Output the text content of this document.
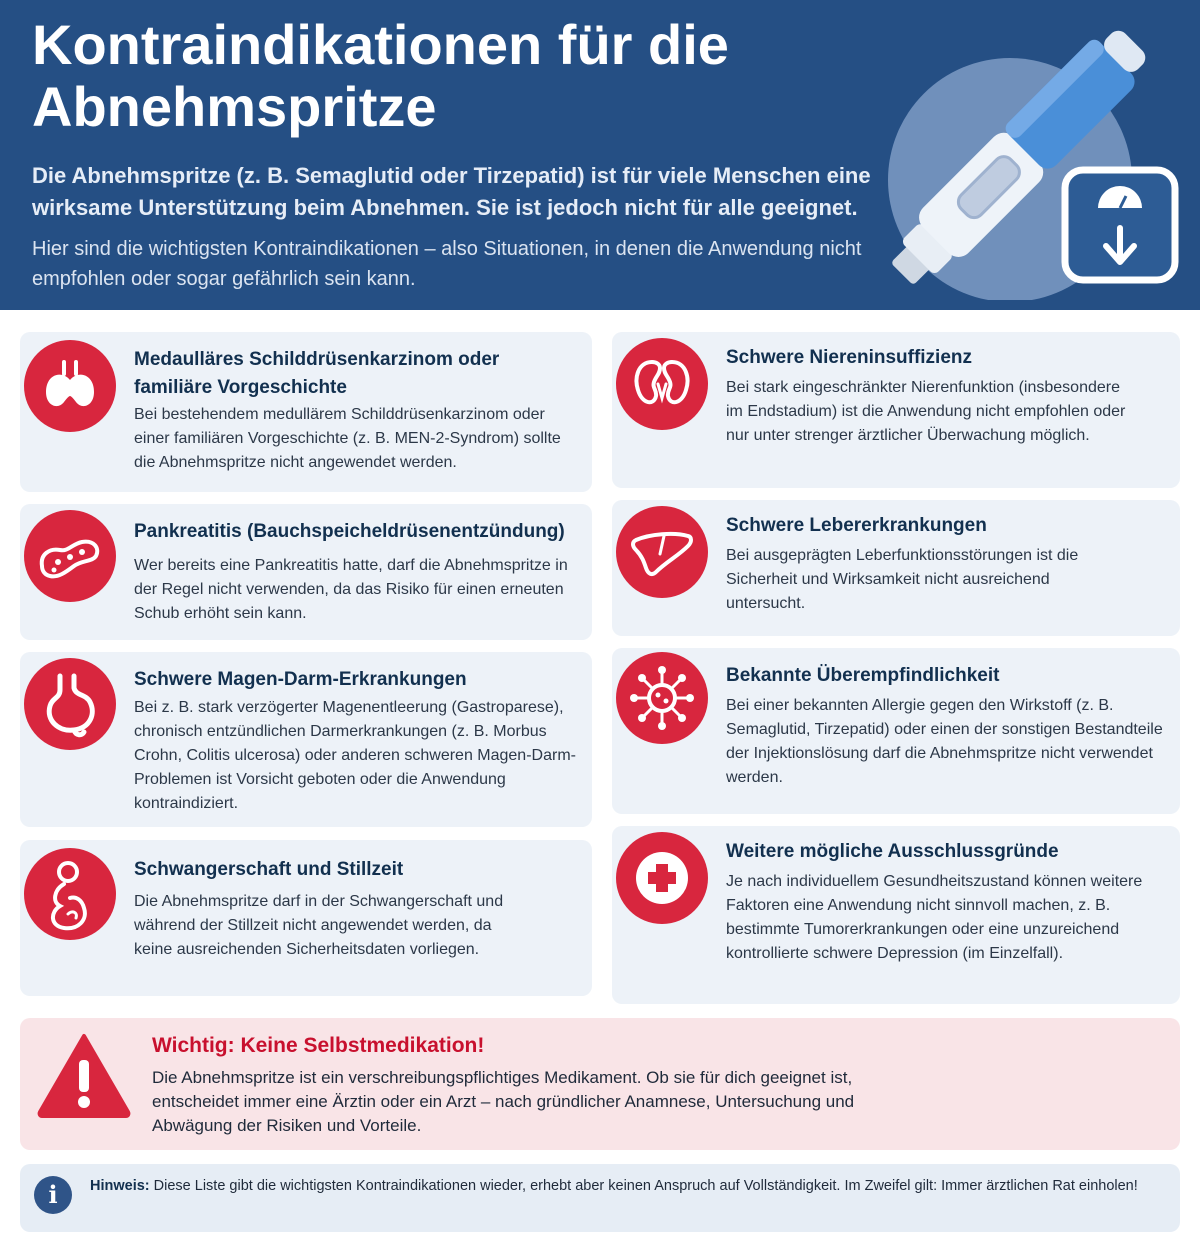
Kontraindikationen für die Abnehmspritze
Die Abnehmspritze (z. B. Semaglutid oder Tirzepatid) ist für viele Menschen eine wirksame Unterstützung beim Abnehmen. Sie ist jedoch nicht für alle geeignet.
Hier sind die wichtigsten Kontraindikationen – also Situationen, in denen die Anwendung nicht empfohlen oder sogar gefährlich sein kann.
Medaulläres Schilddrüsenkarzinom oder familiäre Vorgeschichte
Bei bestehendem medullärem Schilddrüsenkarzinom oder einer familiären Vorgeschichte (z. B. MEN-2-Syndrom) sollte die Abnehmspritze nicht angewendet werden.
Pankreatitis (Bauchspeicheldrüsenentzündung)
Wer bereits eine Pankreatitis hatte, darf die Abnehmspritze in der Regel nicht verwenden, da das Risiko für einen erneuten Schub erhöht sein kann.
Schwere Magen-Darm-Erkrankungen
Bei z. B. stark verzögerter Magenentleerung (Gastroparese), chronisch entzündlichen Darmerkrankungen (z. B. Morbus Crohn, Colitis ulcerosa) oder anderen schweren Magen-Darm-Problemen ist Vorsicht geboten oder die Anwendung kontraindiziert.
Schwangerschaft und Stillzeit
Die Abnehmspritze darf in der Schwangerschaft und während der Stillzeit nicht angewendet werden, da keine ausreichenden Sicherheitsdaten vorliegen.
Schwere Niereninsuffizienz
Bei stark eingeschränkter Nierenfunktion (insbesondere im Endstadium) ist die Anwendung nicht empfohlen oder nur unter strenger ärztlicher Überwachung möglich.
Schwere Lebererkrankungen
Bei ausgeprägten Leberfunktionsstörungen ist die Sicherheit und Wirksamkeit nicht ausreichend untersucht.
Bekannte Überempfindlichkeit
Bei einer bekannten Allergie gegen den Wirkstoff (z. B. Semaglutid, Tirzepatid) oder einen der sonstigen Bestandteile der Injektionslösung darf die Abnehmspritze nicht verwendet werden.
Weitere mögliche Ausschlussgründe
Je nach individuellem Gesundheitszustand können weitere Faktoren eine Anwendung nicht sinnvoll machen, z. B. bestimmte Tumorerkrankungen oder eine unzureichend kontrollierte schwere Depression (im Einzelfall).
Wichtig: Keine Selbstmedikation!
Die Abnehmspritze ist ein verschreibungspflichtiges Medikament. Ob sie für dich geeignet ist, entscheidet immer eine Ärztin oder ein Arzt – nach gründlicher Anamnese, Untersuchung und Abwägung der Risiken und Vorteile.
i	Hinweis: Diese Liste gibt die wichtigsten Kontraindikationen wieder, erhebt aber keinen Anspruch auf Vollständigkeit. Im Zweifel gilt: Immer ärztlichen Rat einholen!
